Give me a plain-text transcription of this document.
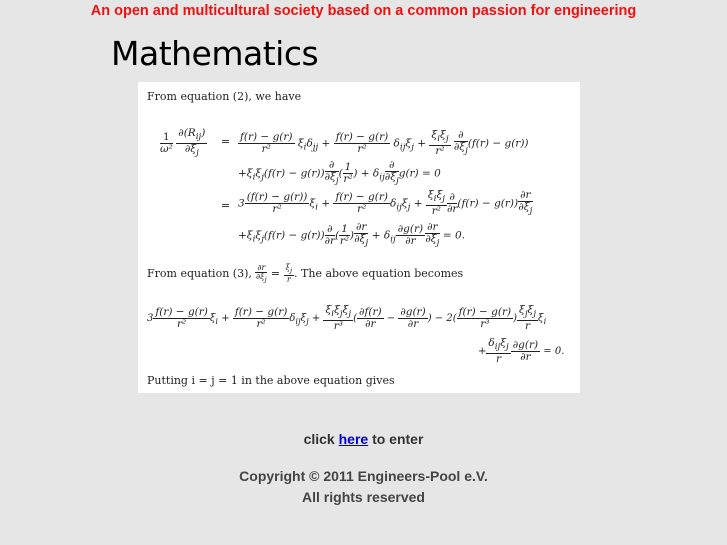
An open and multicultural society based on a common passion for engineering
Mathematics
From equation (2), we have
$\frac{1}{\text{ω²}}$
$\frac{\partial(R_{ij})}{\partial\xi_j} = \frac{f(r) - g(r)}{\text{r²}} \xi_i\delta_{jj} + \frac{f(r) - g(r)}{\text{r²}} \delta_{ij}\xi_j + \frac{\xi_i\xi_j}{\text{r²}}$
$\frac{\partial}{\partial\xi_j} (f(r) - g(r))$
$+\xi_i\xi_j(f(r) - g(r)) \frac{\partial}{\partial\xi_j}$ ( $\frac{1}{\text{r²}}$ ) + $\delta_{ij} \frac{\partial}{\partial\xi_j} g(r) = 0$
= $3 \frac{(f(r) - g(r))}{\text{r²}} \xi_i + \frac{f(r) - g(r)}{\text{r²}} \delta_{ij}\xi_j + \frac{\xi_i\xi_j}{\text{r²}} \frac{\partial}{\partial r} (f(r) - g(r)) \frac{\partial r}{\partial\xi_j}$
$+\xi_i\xi_j(f(r) - g(r)) \frac{\partial}{\partial r}$ ( $\frac{1}{\text{r²}}$ ) $\frac{\partial r}{\partial\xi_j} + \delta_{ij} \frac{\partial g(r)}{\partial r} \frac{\partial r}{\partial\xi_j} = 0$.
From equation (3), $\frac{\partial r}{\partial\xi_j} = \frac{\xi_j}{r}$ . The above equation becomes
$3 \frac{f(r) - g(r)}{\text{r²}} \xi_i + \frac{f(r) - g(r)}{\text{r²}} \delta_{ij}\xi_j + \frac{\xi_i\xi_j\xi_j}{\text{r³}}$ ( $\frac{\partial f(r)}{\partial r} - \frac{\partial g(r)}{\partial r}$ ) − $2( \frac{f(r) - g(r)}{\text{r³}}$ ) $\frac{\xi_j\xi_j}{r} \xi_i$
+ $\frac{\delta_{ij}\xi_j}{r} \frac{\partial g(r)}{\partial r} = 0$.
Putting i = j = 1 in the above equation gives
click here to enter
Copyright © 2011 Engineers-Pool e.V.
All rights reserved
